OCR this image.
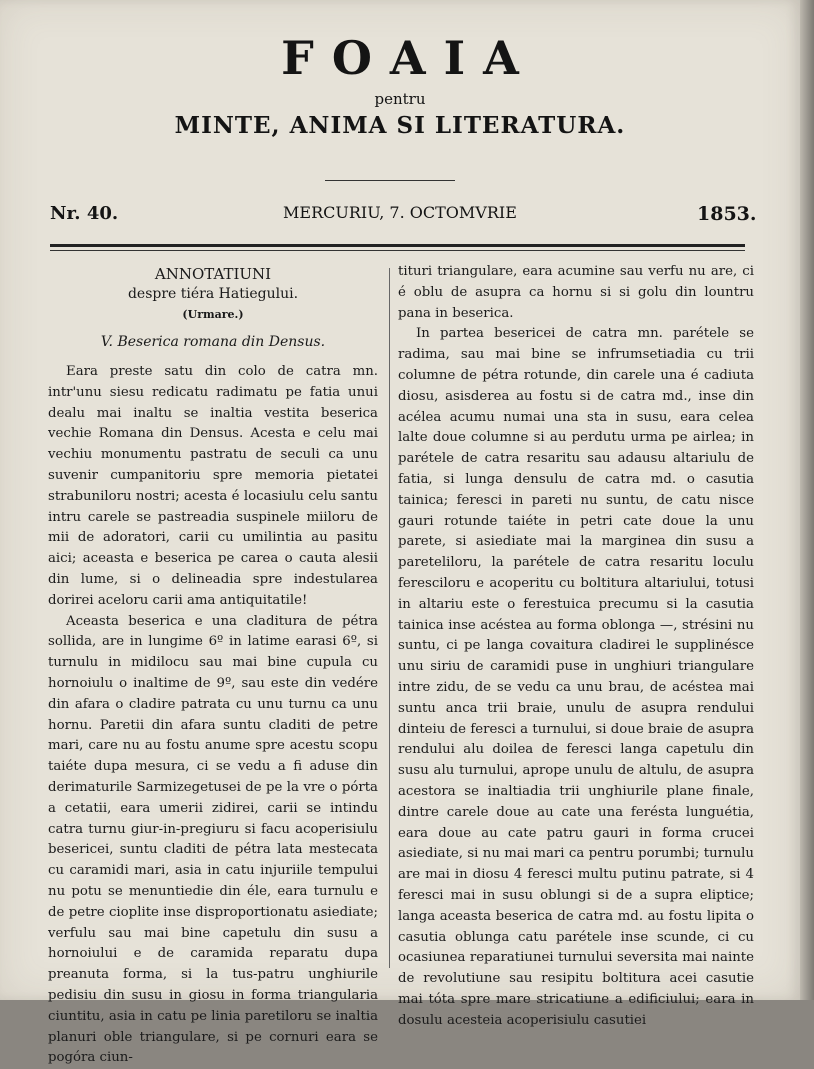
FOAIA
pentru
MINTE, ANIMA SI LITERATURA.
Nr. 40.	MERCURIU, 7. OCTOMVRIE	1853.
ANNOTATIUNI
despre tiéra Hatiegului.
(Urmare.)
V. Beserica romana din Densus.

Eara preste satu din colo de catra mn. intr'unu siesu redicatu radimatu pe fatia unui dealu mai inaltu se inaltia vestita beserica vechie Romana din Densus. Acesta e celu mai vechiu monumentu pastratu de seculi ca unu suvenir cumpanitoriu spre memoria pietatei strabuniloru nostri; acesta é locasiulu celu santu intru carele se pastreadia suspinele miiloru de mii de adoratori, carii cu umilintia au pasitu aici; aceasta e beserica pe carea o cauta alesii din lume, si o delineadia spre indestularea dorirei aceloru carii ama antiquitatile!

Aceasta beserica e una claditura de pétra sollida, are in lungime 6º in latime earasi 6º, si turnulu in midilocu sau mai bine cupula cu hornoiulu o inaltime de 9º, sau este din vedére din afara o cladire patrata cu unu turnu ca unu hornu. Paretii din afara suntu claditi de petre mari, care nu au fostu anume spre acestu scopu taiéte dupa mesura, ci se vedu a fi aduse din derimaturile Sarmizegetusei de pe la vre o pórta a cetatii, eara umerii zidirei, carii se intindu catra turnu giur-in-pregiuru si facu acoperisiulu besericei, suntu claditi de pétra lata mestecata cu caramidi mari, asia in catu injuriile tempului nu potu se menuntiedie din éle, eara turnulu e de petre cioplite inse disproportionatu asiediate; verfulu sau mai bine capetulu din susu a hornoiului e de caramida reparatu dupa preanuta forma, si la tus-patru unghiurile pedisiu din susu in giosu in forma triangularia ciuntitu, asia in catu pe linia paretiloru se inaltia planuri oble triangulare, si pe cornuri eara se pogóra ciun-

tituri triangulare, eara acumine sau verfu nu are, ci é oblu de asupra ca hornu si si golu din lountru pana in beserica.

In partea besericei de catra mn. parétele se radima, sau mai bine se infrumsetiadia cu trii columne de pétra rotunde, din carele una é cadiuta diosu, asisderea au fostu si de catra md., inse din acélea acumu numai una sta in susu, eara celea lalte doue columne si au perdutu urma pe airlea; in parétele de catra resaritu sau adausu altariulu de fatia, si lunga densulu de catra md. o casutia tainica; feresci in pareti nu suntu, de catu nisce gauri rotunde taiéte in petri cate doue la unu parete, si asiediate mai la marginea din susu a pareteliloru, la parétele de catra resaritu loculu feresciloru e acoperitu cu boltitura altariului, totusi in altariu este o ferestuica precumu si la casutia tainica inse acéstea au forma oblonga —, strésini nu suntu, ci pe langa covaitura cladirei le supplinésce unu siriu de caramidi puse in unghiuri triangulare intre zidu, de se vedu ca unu brau, de acéstea mai suntu anca trii braie, unulu de asupra rendului dinteiu de feresci a turnului, si doue braie de asupra rendului alu doilea de feresci langa capetulu din susu alu turnului, aprope unulu de altulu, de asupra acestora se inaltiadia trii unghiurile plane finale, dintre carele doue au cate una ferésta lunguétia, eara doue au cate patru gauri in forma crucei asiediate, si nu mai mari ca pentru porumbi; turnulu are mai in diosu 4 feresci multu putinu patrate, si 4 feresci mai in susu oblungi si de a supra eliptice; langa aceasta beserica de catra md. au fostu lipita o casutia oblunga catu parétele inse scunde, ci cu ocasiunea reparatiunei turnului seversita mai nainte de revolutiune sau resipitu boltitura acei casutie mai tóta spre mare stricatiune a edificiului; eara in dosulu acesteia acoperisiulu casutiei
